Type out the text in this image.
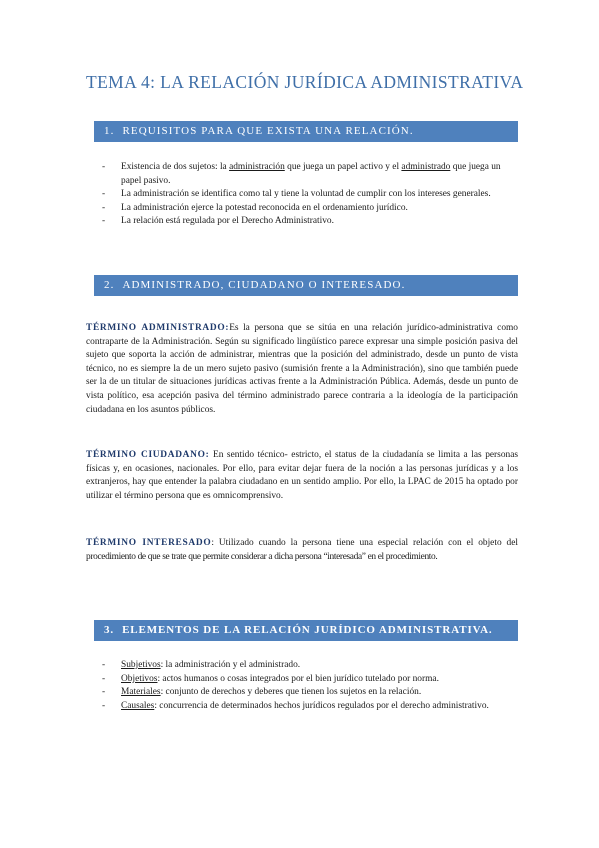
TEMA 4: LA RELACIÓN JURÍDICA ADMINISTRATIVA
1. REQUISITOS PARA QUE EXISTA UNA RELACIÓN.
- Existencia de dos sujetos: la administración que juega un papel activo y el administrado que juega un papel pasivo.
- La administración se identifica como tal y tiene la voluntad de cumplir con los intereses generales.
- La administración ejerce la potestad reconocida en el ordenamiento jurídico.
- La relación está regulada por el Derecho Administrativo.
2. ADMINISTRADO, CIUDADANO O INTERESADO.
TÉRMINO ADMINISTRADO:Es la persona que se sitúa en una relación jurídico-administrativa como contraparte de la Administración. Según su significado lingüístico parece expresar una simple posición pasiva del sujeto que soporta la acción de administrar, mientras que la posición del administrado, desde un punto de vista técnico, no es siempre la de un mero sujeto pasivo (sumisión frente a la Administración), sino que también puede ser la de un titular de situaciones jurídicas activas frente a la Administración Pública. Además, desde un punto de vista político, esa acepción pasiva del término administrado parece contraria a la ideología de la participación ciudadana en los asuntos públicos.
TÉRMINO CIUDADANO: En sentido técnico- estricto, el status de la ciudadanía se limita a las personas físicas y, en ocasiones, nacionales. Por ello, para evitar dejar fuera de la noción a las personas jurídicas y a los extranjeros, hay que entender la palabra ciudadano en un sentido amplio. Por ello, la LPAC de 2015 ha optado por utilizar el término persona que es omnicomprensivo.
TÉRMINO INTERESADO: Utilizado cuando la persona tiene una especial relación con el objeto del procedimiento de que se trate que permite considerar a dicha persona “interesada” en el procedimiento.
3. ELEMENTOS DE LA RELACIÓN JURÍDICO ADMINISTRATIVA.
- Subjetivos: la administración y el administrado.
- Objetivos: actos humanos o cosas integrados por el bien jurídico tutelado por norma.
- Materiales: conjunto de derechos y deberes que tienen los sujetos en la relación.
- Causales: concurrencia de determinados hechos jurídicos regulados por el derecho administrativo.
